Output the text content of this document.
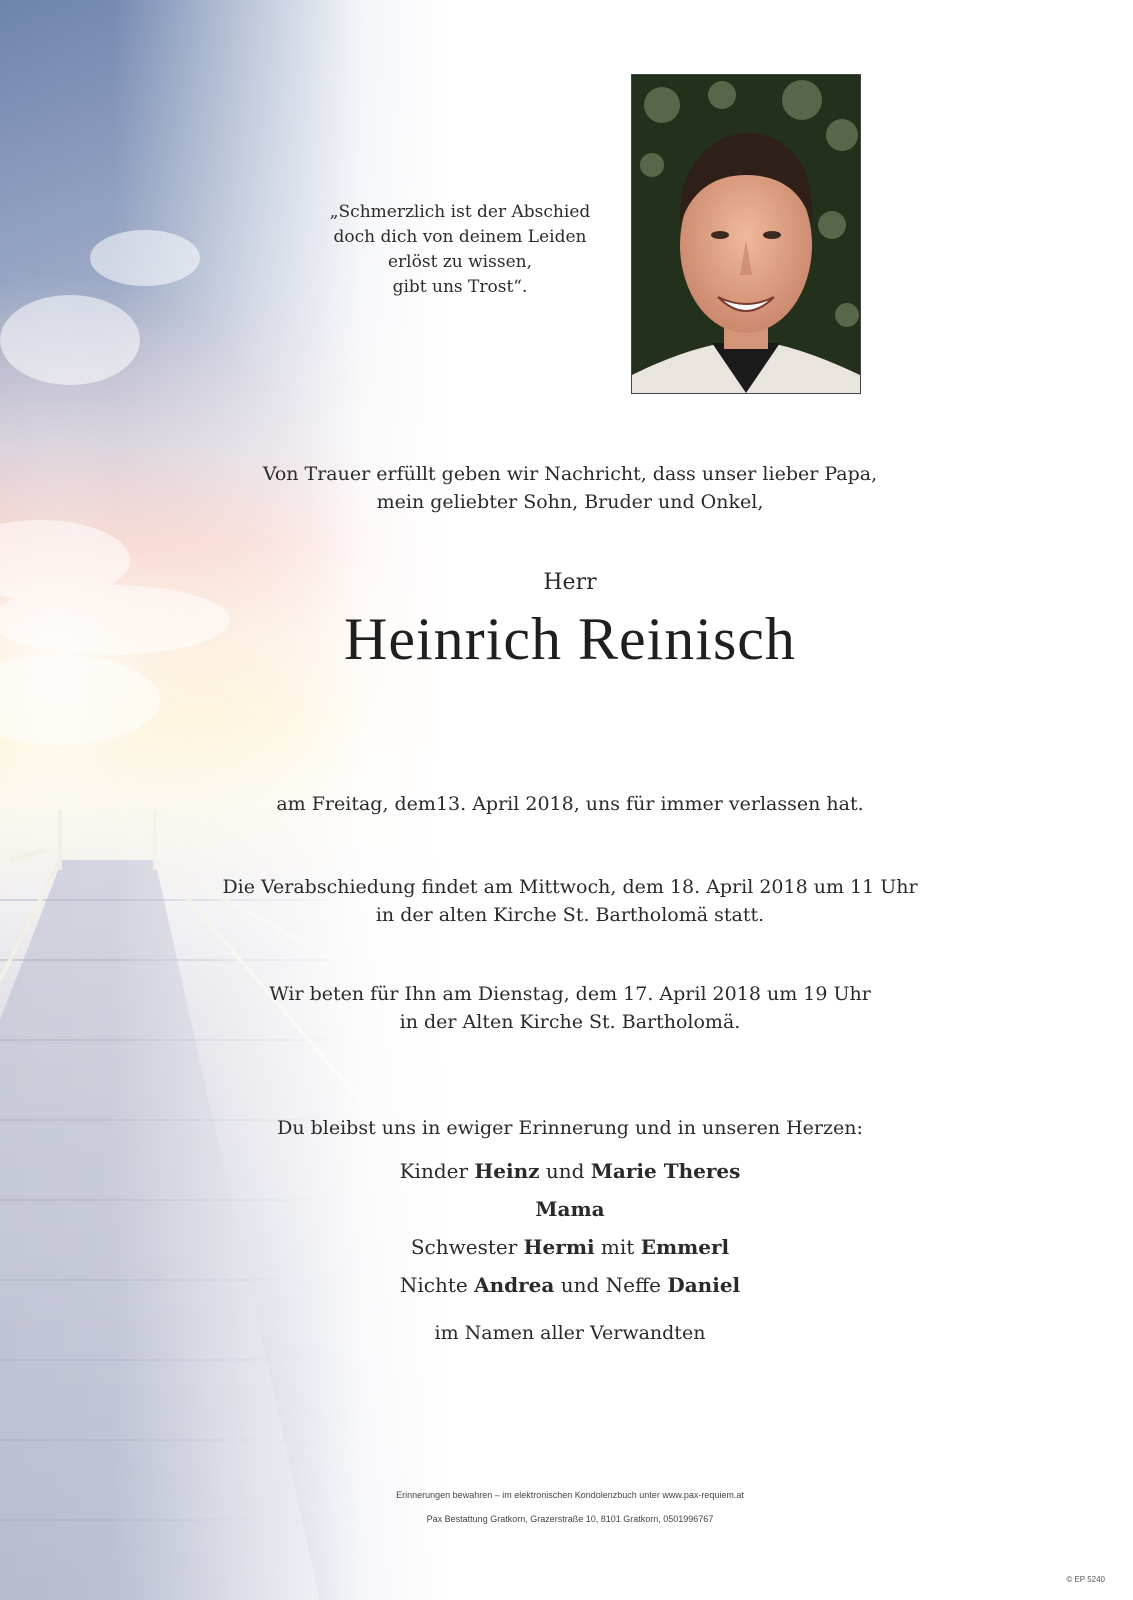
„Schmerzlich ist der Abschied
doch dich von deinem Leiden
erlöst zu wissen,
gibt uns Trost“.
Von Trauer erfüllt geben wir Nachricht, dass unser lieber Papa,
mein geliebter Sohn, Bruder und Onkel,
Herr
Heinrich Reinisch
am Freitag, dem13. April 2018, uns für immer verlassen hat.
Die Verabschiedung findet am Mittwoch, dem 18. April 2018 um 11 Uhr
in der alten Kirche St. Bartholomä statt.
Wir beten für Ihn am Dienstag, dem 17. April 2018 um 19 Uhr
in der Alten Kirche St. Bartholomä.
Du bleibst uns in ewiger Erinnerung und in unseren Herzen:
Kinder Heinz und Marie Theres
Mama
Schwester Hermi mit Emmerl
Nichte Andrea und Neffe Daniel
im Namen aller Verwandten
Erinnerungen bewahren – im elektronischen Kondolenzbuch unter www.pax-requiem.at
Pax Bestattung Gratkorn, Grazerstraße 10, 8101 Gratkorn, 0501996767
© EP 5240
